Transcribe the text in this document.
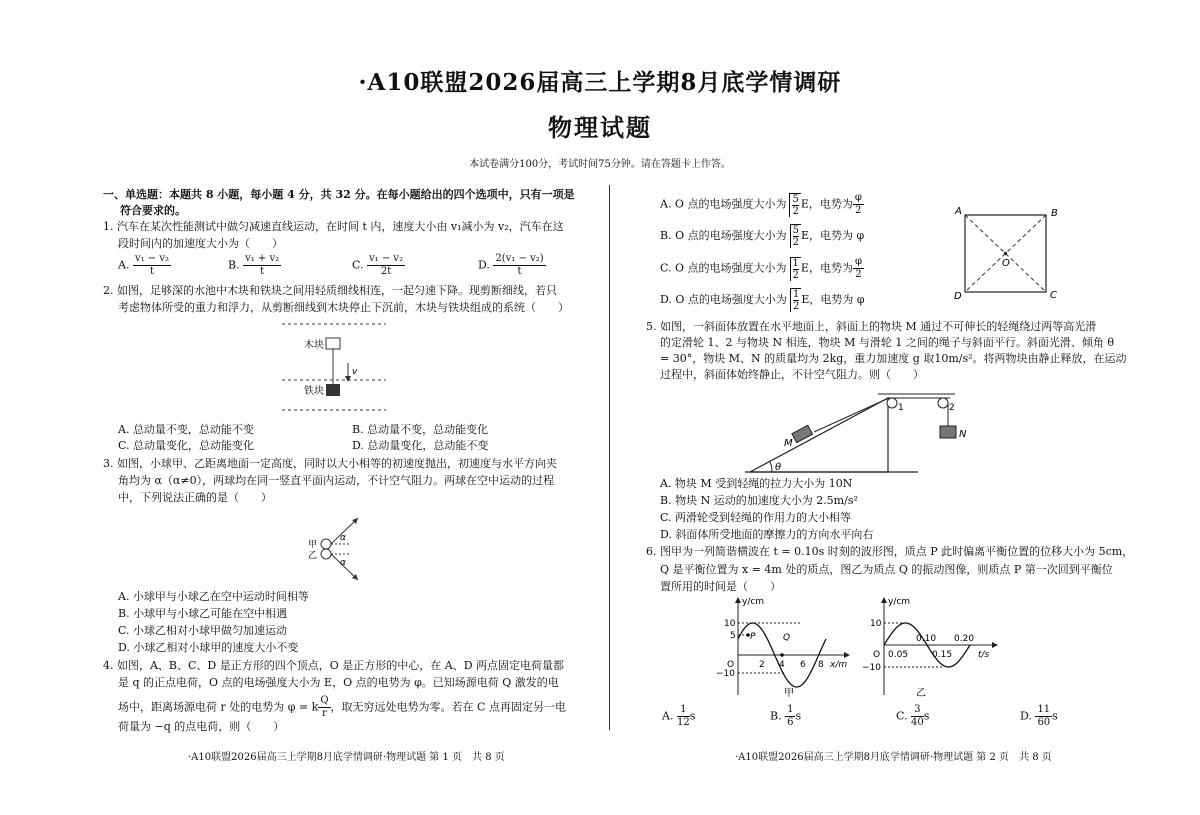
·A10联盟2026届高三上学期8月底学情调研
物理试题
本试卷满分100分，考试时间75分钟。请在答题卡上作答。
一、单选题：本题共 8 小题，每小题 4 分，共 32 分。在每小题给出的四个选项中，只有一项是
符合要求的。
1. 汽车在某次性能测试中做匀减速直线运动，在时间 t 内，速度大小由 v₁减小为 v₂，汽车在这
段时间内的加速度大小为（　　）
A. $\frac{\text{v₁ − v₂}}{t}$	B. $\frac{\text{v₁ + v₂}}{t}$	C. $\frac{\text{v₁ − v₂}}{2t}$	D. $\frac{\text{2(v₁ − v₂)}}{t}$
2. 如图，足够深的水池中木块和铁块之间用轻质细线相连，一起匀速下降。现剪断细线，若只
考虑物体所受的重力和浮力，从剪断细线到木块停止下沉前，木块与铁块组成的系统（　　）
v
木块
铁块
A. 总动量不变，总动能不变	B. 总动量不变，总动能变化
C. 总动量变化，总动能变化	D. 总动量变化，总动能不变
3. 如图，小球甲、乙距离地面一定高度，同时以大小相等的初速度抛出，初速度与水平方向夹
角均为 α（α≠0），两球均在同一竖直平面内运动，不计空气阻力。两球在空中运动的过程
中，下列说法正确的是（　　）
甲
乙
α
α
A. 小球甲与小球乙在空中运动时间相等
B. 小球甲与小球乙可能在空中相遇
C. 小球乙相对小球甲做匀加速运动
D. 小球乙相对小球甲的速度大小不变
4. 如图，A、B、C、D 是正方形的四个顶点，O 是正方形的中心，在 A、D 两点固定电荷量都
是 q 的正点电荷，O 点的电场强度大小为 E，O 点的电势为 φ。已知场源电荷 Q 激发的电
场中，距离场源电荷 r 处的电势为 φ = k $\frac{Q}{r}$ ，取无穷远处电势为零。若在 C 点再固定另一电
荷量为 −q 的点电荷，则（　　）
·A10联盟2026届高三上学期8月底学情调研·物理试题 第 1 页　共 8 页
A. O 点的电场强度大小为 $\frac{5}{2}E$，电势为 $\frac{\varphi}{2}$
B. O 点的电场强度大小为 $\frac{5}{2}E$，电势为 φ
C. O 点的电场强度大小为 $\frac{1}{2}E$，电势为 $\frac{\varphi}{2}$
D. O 点的电场强度大小为 $\frac{1}{2}E$，电势为 φ
A	B
C
D
O
5. 如图，一斜面体放置在水平地面上，斜面上的物块 M 通过不可伸长的轻绳绕过两等高光滑
的定滑轮 1、2 与物块 N 相连，物块 M 与滑轮 1 之间的绳子与斜面平行。斜面光滑、倾角 θ
= 30°，物块 M、N 的质量均为 2kg，重力加速度 g 取10m/s²。将两物块由静止释放，在运动
过程中，斜面体始终静止，不计空气阻力。则（　　）
M
N
θ
1	2
A. 物块 M 受到轻绳的拉力大小为 10N
B. 物块 N 运动的加速度大小为 2.5m/s²
C. 两滑轮受到轻绳的作用力的大小相等
D. 斜面体所受地面的摩擦力的方向水平向右
6. 图甲为一列简谐横波在 t = 0.10s 时刻的波形图，质点 P 此时偏离平衡位置的位移大小为 5cm，
Q 是平衡位置为 x = 4m 处的质点，图乙为质点 Q 的振动图像，则质点 P 第一次回到平衡位
置所用的时间是（　　）
y/cm
x/m
O
10
5
−10
2 4 6 8
P	Q
甲
y/cm
t/s
O
10
−10
0.10 0.20
0.05	0.15
乙
A. $\frac{1}{12}$ s	B. $\frac{1}{6}$ s	C. $\frac{3}{40}$ s	D. $\frac{11}{60}$ s
·A10联盟2026届高三上学期8月底学情调研·物理试题 第 2 页　共 8 页
